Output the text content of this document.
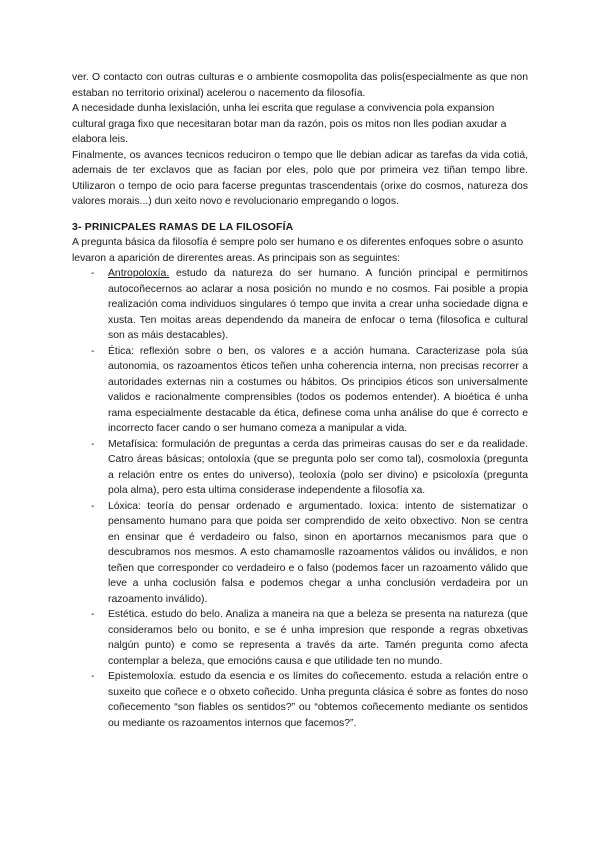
ver. O contacto con outras culturas e o ambiente cosmopolita das polis(especialmente as que non estaban no territorio orixinal) acelerou o nacemento da filosofía.

A necesidade dunha lexislación, unha lei escrita que regulase a convivencia pola expansion cultural graga fixo que necesitaran botar man da razón, pois os mitos non lles podian axudar a elabora leis.

Finalmente, os avances tecnicos reduciron o tempo que lle debian adicar as tarefas da vida cotiá, ademais de ter exclavos que as facian por eles, polo que por primeira vez tiñan tempo libre. Utilizaron o tempo de ocio para facerse preguntas trascendentais (orixe do cosmos, natureza dos valores morais...) dun xeito novo e revolucionario empregando o logos.

3- PRINICPALES RAMAS DE LA FILOSOFÍA

A pregunta básica da filosofía é sempre polo ser humano e os diferentes enfoques sobre o asunto levaron a aparición de direrentes areas. As principais son as seguintes:

- Antropoloxía. estudo da natureza do ser humano. A función principal e permitirnos autocoñecernos ao aclarar a nosa posición no mundo e no cosmos. Fai posible a propia realización coma individuos singulares ó tempo que invita a crear unha sociedade digna e xusta. Ten moitas areas dependendo da maneira de enfocar o tema (filosofica e cultural son as máis destacables).
- Ética: reflexión sobre o ben, os valores e a acción humana. Caracterizase pola súa autonomia, os razoamentos éticos teñen unha coherencia interna, non precisas recorrer a autoridades externas nin a costumes ou hábitos. Os principios éticos son universalmente validos e racionalmente comprensibles (todos os podemos entender). A bioética é unha rama especialmente destacable da ética, definese coma unha análise do que é correcto e incorrecto facer cando o ser humano comeza a manipular a vida.
- Metafísica: formulación de preguntas a cerda das primeiras causas do ser e da realidade. Catro áreas básicas; ontoloxía (que se pregunta polo ser como tal), cosmoloxía (pregunta a relación entre os entes do universo), teoloxía (polo ser divino) e psicoloxía (pregunta pola alma), pero esta ultima considerase independente a filosofía xa.
- Lóxica: teoría do pensar ordenado e argumentado. loxica: intento de sistematizar o pensamento humano para que poida ser comprendido de xeito obxectivo. Non se centra en ensinar que é verdadeiro ou falso, sinon en aportarnos mecanismos para que o descubramos nos mesmos. A esto chamamoslle razoamentos válidos ou inválidos, e non teñen que corresponder co verdadeiro e o falso (podemos facer un razoamento válido que leve a unha coclusión falsa e podemos chegar a unha conclusión verdadeira por un razoamento inválido).
- Estética. estudo do belo. Analiza a maneira na que a beleza se presenta na natureza (que consideramos belo ou bonito, e se é unha impresion que responde a regras obxetivas nalgún punto) e como se representa a través da arte. Tamén pregunta como afecta contemplar a beleza, que emocións causa e que utilidade ten no mundo.
- Epistemoloxía. estudo da esencia e os límites do coñecemento. estuda a relación entre o suxeito que coñece e o obxeto coñecido. Unha pregunta clásica é sobre as fontes do noso coñecemento “son fiables os sentidos?” ou “obtemos coñecemento mediante os sentidos ou mediante os razoamentos internos que facemos?”.
